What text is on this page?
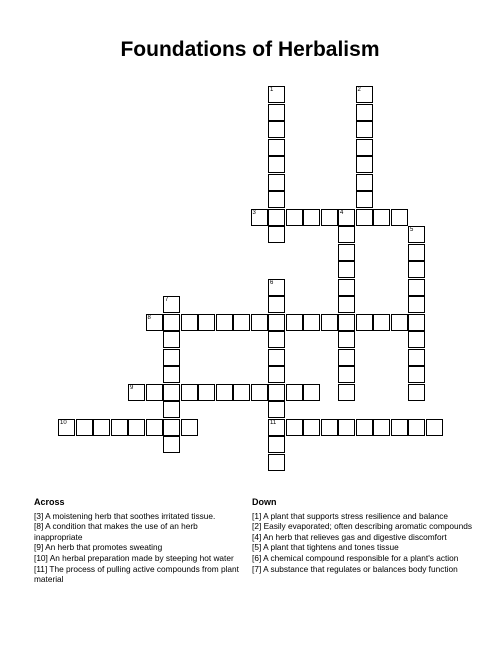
Foundations of Herbalism
1	2
3	4
5
6
11
7
8
9
10
Across
[3] A moistening herb that soothes irritated tissue.
[8] A condition that makes the use of an herb inappropriate
[9] An herb that promotes sweating
[10] An herbal preparation made by steeping hot water
[11] The process of pulling active compounds from plant material
Down
[1] A plant that supports stress resilience and balance
[2] Easily evaporated; often describing aromatic compounds
[4] An herb that relieves gas and digestive discomfort
[5] A plant that tightens and tones tissue
[6] A chemical compound responsible for a plant's action
[7] A substance that regulates or balances body function
